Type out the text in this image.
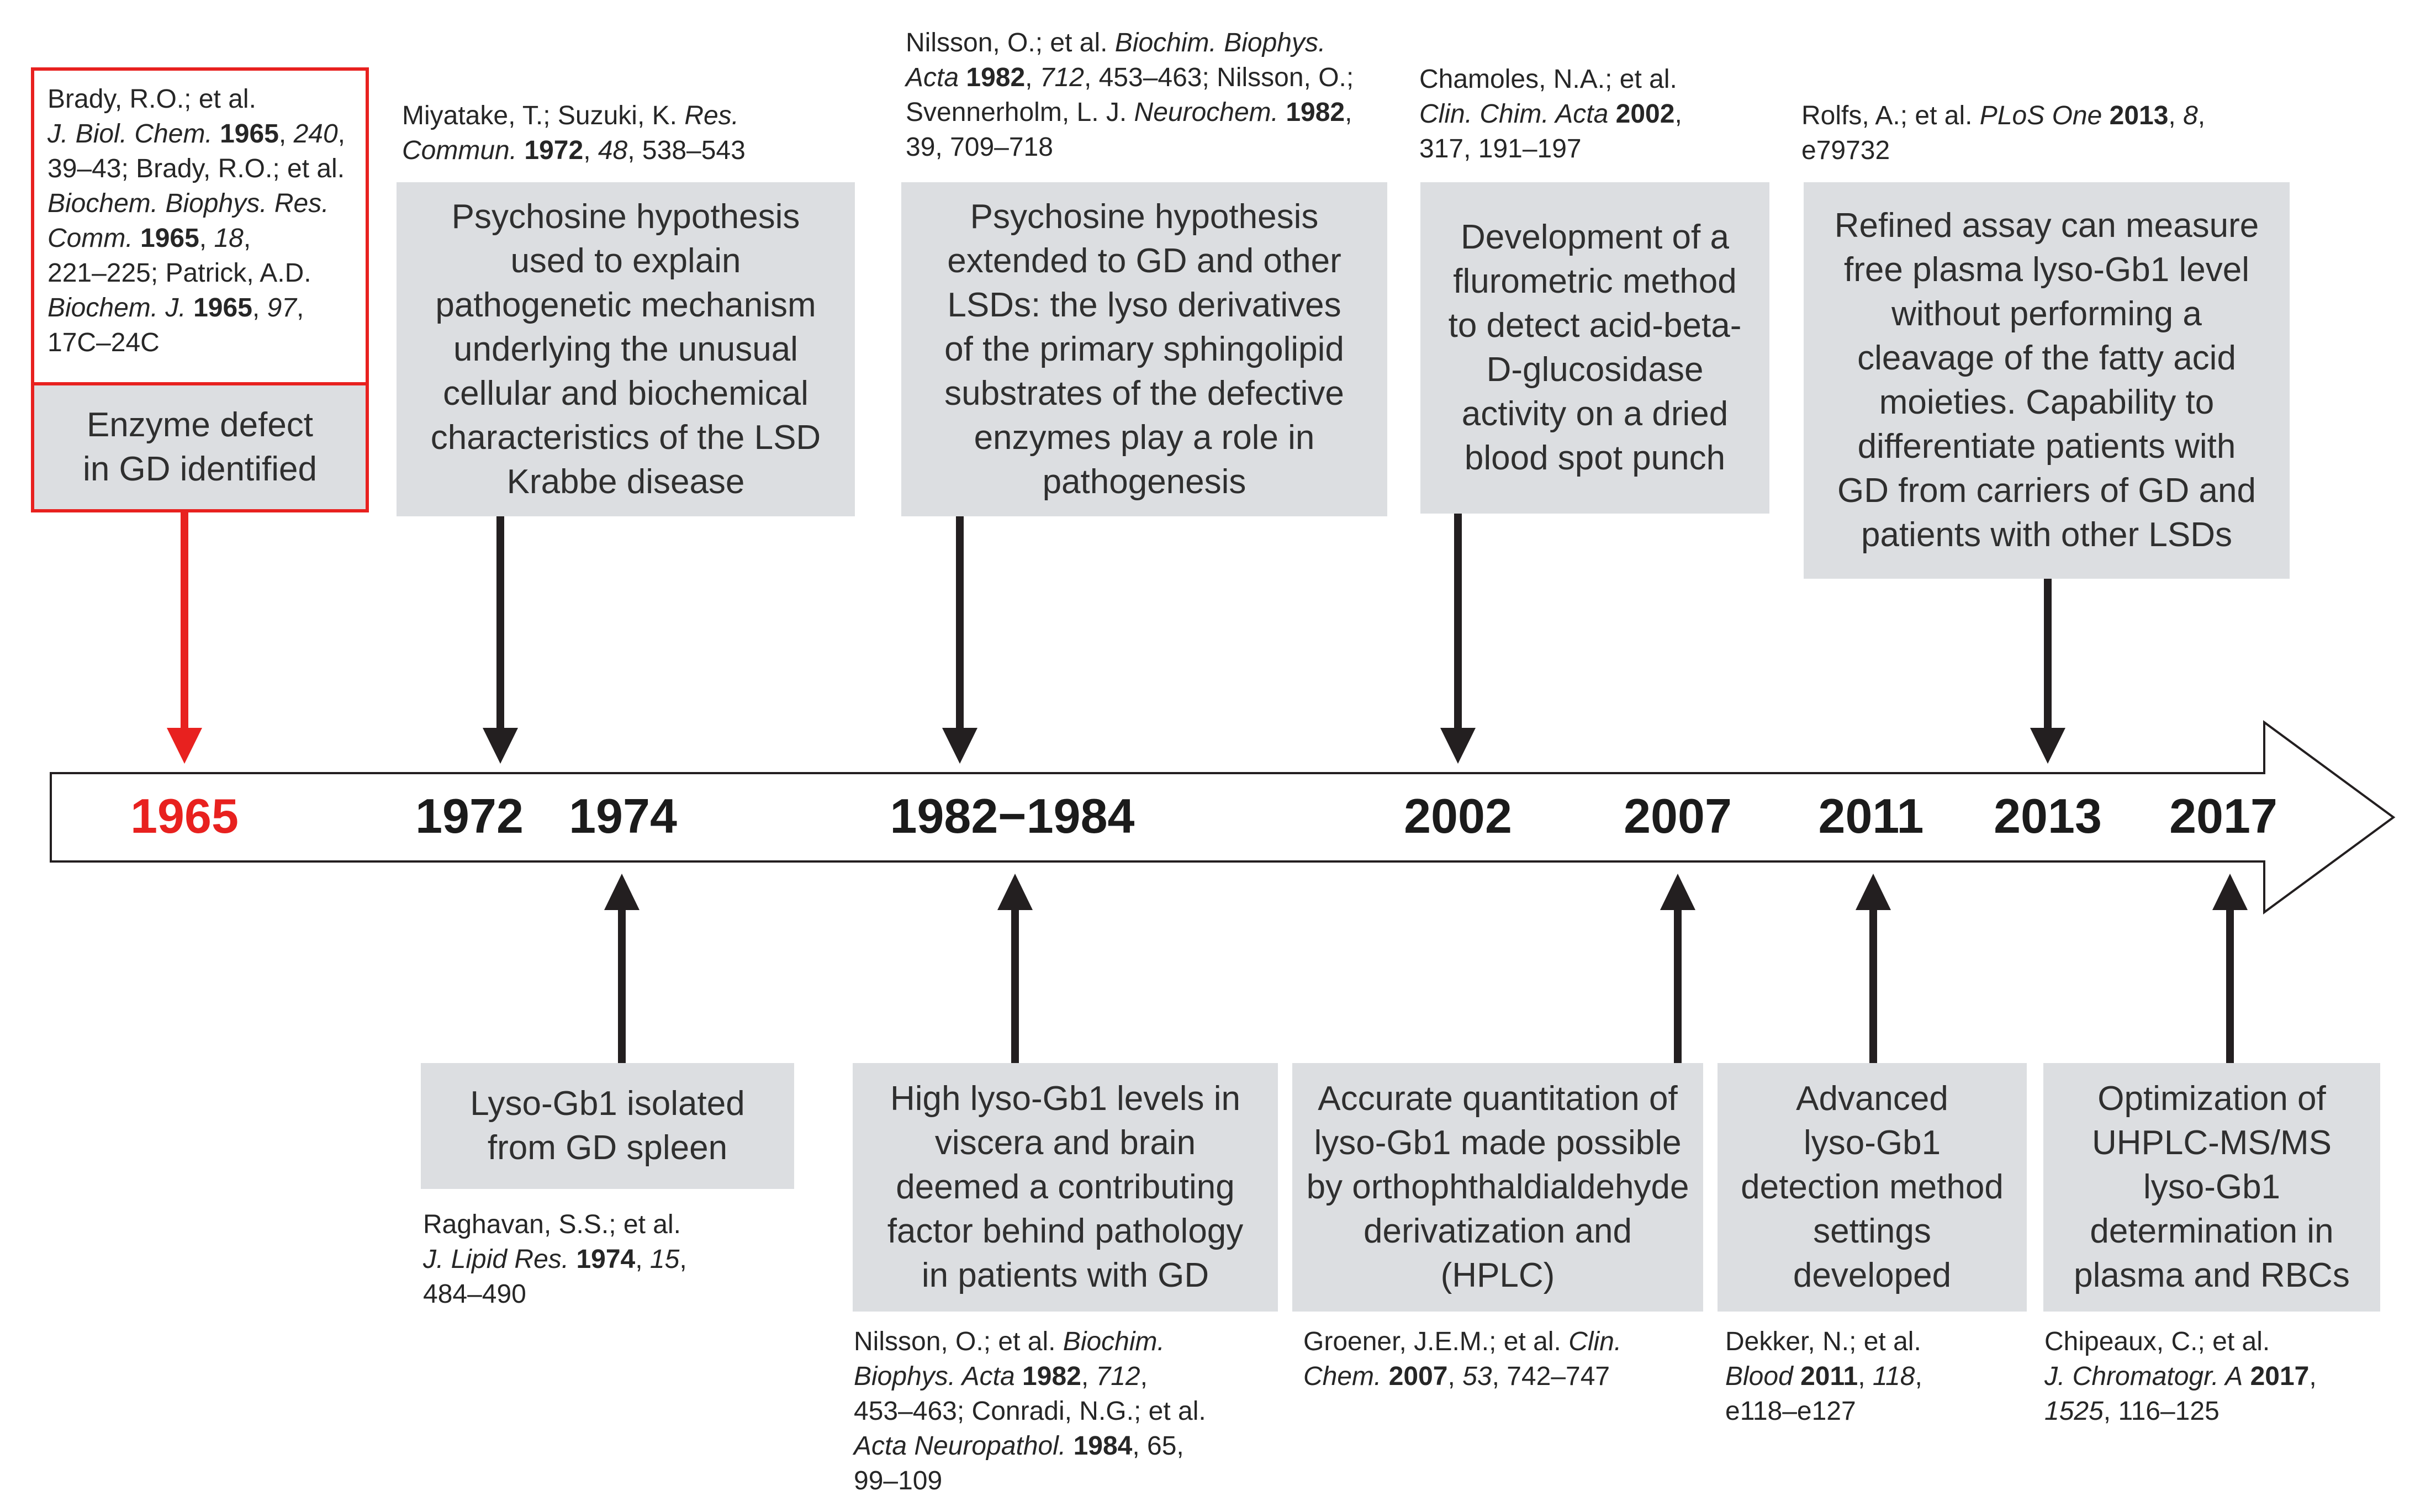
1965	1972 1974	1982−1984	2002 2007 2011 2013 2017
Brady, R.O.; et al.
J. Biol. Chem. 1965, 240,
39–43; Brady, R.O.; et al.
Biochem. Biophys. Res.
Comm. 1965, 18,
221–225; Patrick, A.D.
Biochem. J. 1965, 97,
17C–24C
Enzyme defect
in GD identified
Miyatake, T.; Suzuki, K. Res.
Commun. 1972, 48, 538–543
Psychosine hypothesis
used to explain
pathogenetic mechanism
underlying the unusual
cellular and biochemical
characteristics of the LSD
Krabbe disease
Nilsson, O.; et al. Biochim. Biophys.
Acta 1982, 712, 453–463; Nilsson, O.;
Svennerholm, L. J. Neurochem. 1982,
39, 709–718
Psychosine hypothesis
extended to GD and other
LSDs: the lyso derivatives
of the primary sphingolipid
substrates of the defective
enzymes play a role in
pathogenesis
Chamoles, N.A.; et al.
Clin. Chim. Acta 2002,
317, 191–197
Development of a
flurometric method
to detect acid-beta-
D-glucosidase
activity on a dried
blood spot punch
Rolfs, A.; et al. PLoS One 2013, 8,
e79732
Refined assay can measure
free plasma lyso-Gb1 level
without performing a
cleavage of the fatty acid
moieties. Capability to
differentiate patients with
GD from carriers of GD and
patients with other LSDs
Lyso-Gb1 isolated
from GD spleen
Raghavan, S.S.; et al.
J. Lipid Res. 1974, 15,
484–490
High lyso-Gb1 levels in
viscera and brain
deemed a contributing
factor behind pathology
in patients with GD
Nilsson, O.; et al. Biochim.
Biophys. Acta 1982, 712,
453–463; Conradi, N.G.; et al.
Acta Neuropathol. 1984, 65,
99–109
Accurate quantitation of
lyso-Gb1 made possible
by orthophthaldialdehyde
derivatization and
(HPLC)
Groener, J.E.M.; et al. Clin.
Chem. 2007, 53, 742–747
Advanced
lyso-Gb1
detection method
settings
developed
Dekker, N.; et al.
Blood 2011, 118,
e118–e127
Optimization of
UHPLC-MS/MS
lyso-Gb1
determination in
plasma and RBCs
Chipeaux, C.; et al.
J. Chromatogr. A 2017,
1525, 116–125
